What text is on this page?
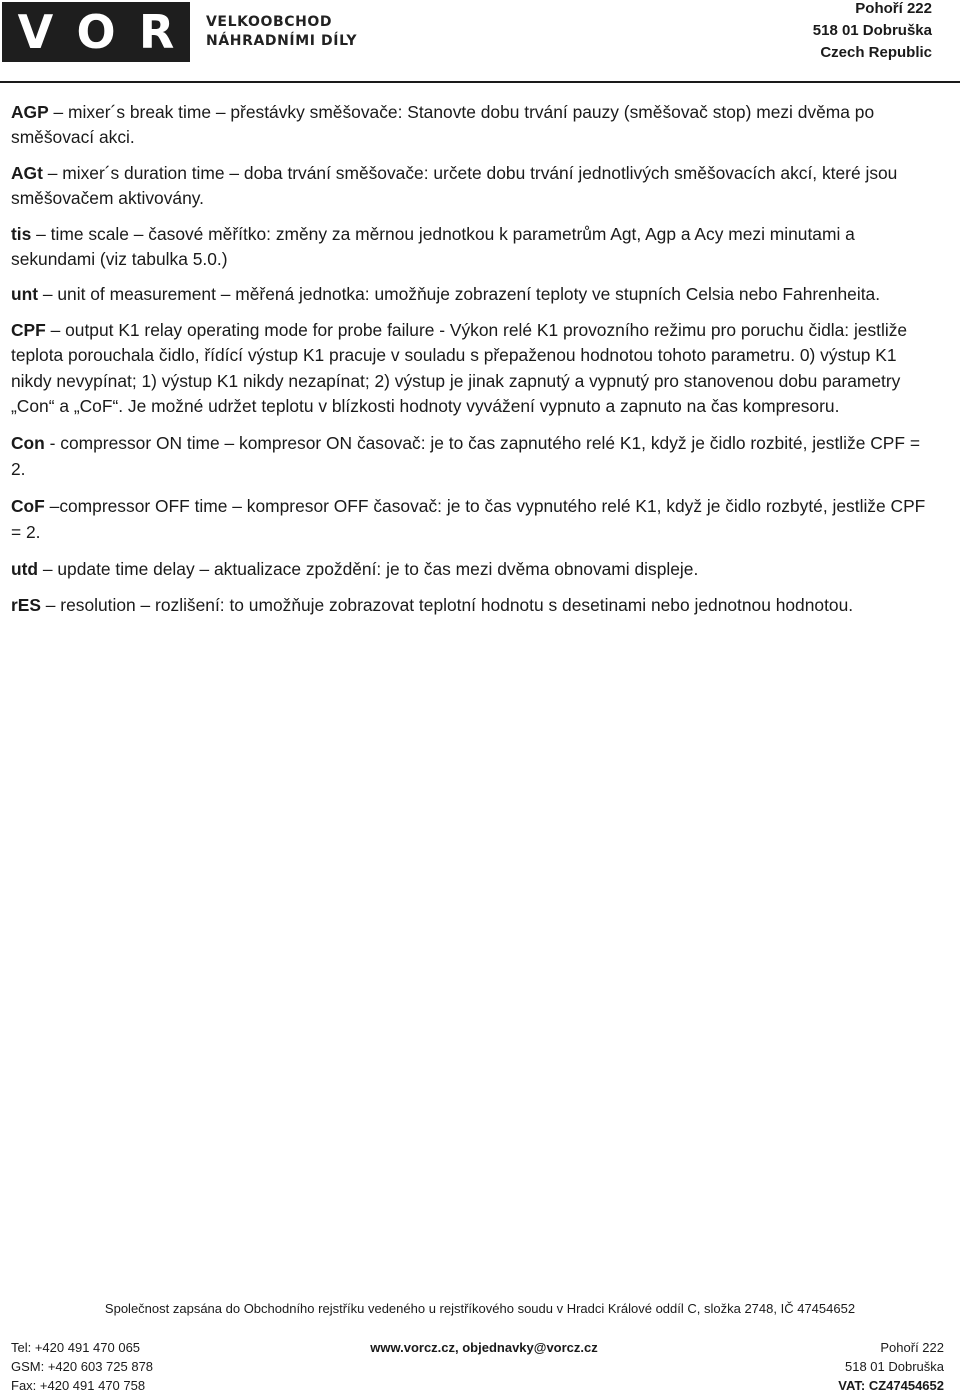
V O R VELKOOBCHOD
NÁHRADNÍMI DÍLY
Pohoří 222
518 01 Dobruška
Czech Republic

AGP – mixer´s break time – přestávky směšovače: Stanovte dobu trvání pauzy (směšovač stop) mezi dvěma po směšovací akci.

AGt – mixer´s duration time – doba trvání směšovače: určete dobu trvání jednotlivých směšovacích akcí, které jsou směšovačem aktivovány.

tis – time scale – časové měřítko: změny za měrnou jednotkou k parametrům Agt, Agp a Acy mezi minutami a sekundami (viz tabulka 5.0.)

unt – unit of measurement – měřená jednotka: umožňuje zobrazení teploty ve stupních Celsia nebo Fahrenheita.

CPF – output K1 relay operating mode for probe failure - Výkon relé K1 provozního režimu pro poruchu čidla: jestliže teplota porouchala čidlo, řídící výstup K1 pracuje v souladu s přepaženou hodnotou tohoto parametru. 0) výstup K1 nikdy nevypínat; 1) výstup K1 nikdy nezapínat; 2) výstup je jinak zapnutý a vypnutý pro stanovenou dobu parametry „Con“ a „CoF“. Je možné udržet teplotu v blízkosti hodnoty vyvážení vypnuto a zapnuto na čas kompresoru.

Con - compressor ON time – kompresor ON časovač: je to čas zapnutého relé K1, když je čidlo rozbité, jestliže CPF = 2.

CoF –compressor OFF time – kompresor OFF časovač: je to čas vypnutého relé K1, když je čidlo rozbyté, jestliže CPF = 2.

utd – update time delay – aktualizace zpoždění: je to čas mezi dvěma obnovami displeje.

rES – resolution – rozlišení: to umožňuje zobrazovat teplotní hodnotu s desetinami nebo jednotnou hodnotou.

Společnost zapsána do Obchodního rejstříku vedeného u rejstříkového soudu v Hradci Králové oddíl C, složka 2748, IČ 47454652
Tel: +420 491 470 065
GSM: +420 603 725 878
Fax: +420 491 470 758
www.vorcz.cz, objednavky@vorcz.cz	Pohoří 222
518 01 Dobruška
VAT: CZ47454652
